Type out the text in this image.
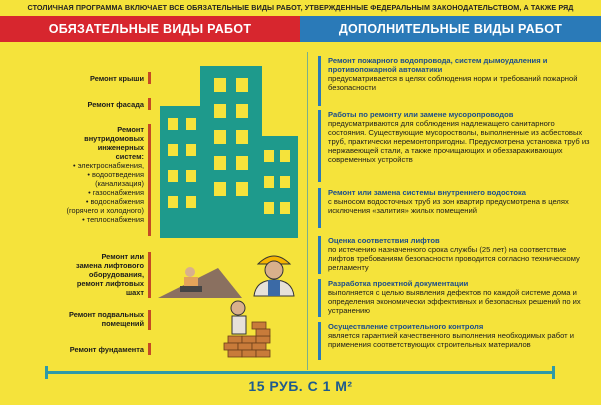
СТОЛИЧНАЯ ПРОГРАММА ВКЛЮЧАЕТ ВСЕ ОБЯЗАТЕЛЬНЫЕ ВИДЫ РАБОТ, УТВЕРЖДЕННЫЕ ФЕДЕРАЛЬНЫМ ЗАКОНОДАТЕЛЬСТВОМ, А ТАКЖЕ РЯД
ОБЯЗАТЕЛЬНЫЕ ВИДЫ РАБОТ	ДОПОЛНИТЕЛЬНЫЕ ВИДЫ РАБОТ
Ремонт крыши
Ремонт фасада
Ремонт
внутридомовых
инженерных
систем:
• электроснабжения,
• водоотведения
(канализация)
• газоснабжения
• водоснабжения
(горячего и холодного)
• теплоснабжения
Ремонт или
замена лифтового
оборудования,
ремонт лифтовых
шахт
Ремонт подвальных
помещений
Ремонт фундамента
Ремонт пожарного водопровода, систем дымоудаления и противопожарной автоматики
предусматривается в целях соблюдения норм и требований пожарной безопасности
Работы по ремонту или замене мусоропроводов
предусматриваются для соблюдения надлежащего санитарного состояния. Существующие мусоростволы, выполненные из асбестовых труб, практически неремонтопригодны. Предусмотрена установка труб из нержавеющей стали, а также прочищающих и обеззараживающих современных устройств
Ремонт или замена системы внутреннего водостока
с выносом водосточных труб из зон квартир предусмотрена в целях исключения «залития» жилых помещений
Оценка соответствия лифтов
по истечению назначенного срока службы (25 лет) на соответствие лифтов требованиям безопасности проводится согласно техническому регламенту
Разработка проектной документации
выполняется с целью выявления дефектов по каждой системе дома и определения экономически эффективных и безопасных решений по их устранению
Осуществление строительного контроля
является гарантией качественного выполнения необходимых работ и применения соответствующих строительных материалов
15 РУБ. С 1 М²
